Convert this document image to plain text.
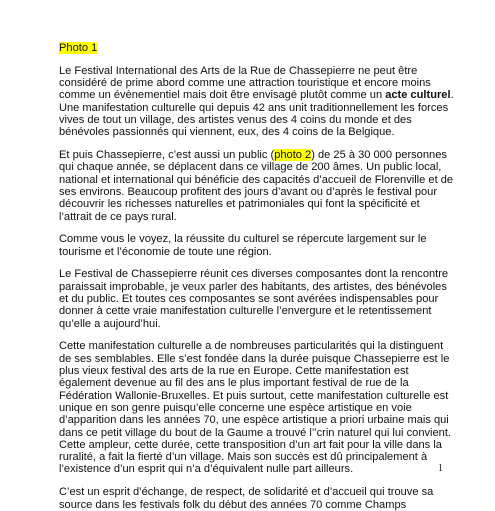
Photo 1

Le Festival International des Arts de la Rue de Chassepierre ne peut être considéré de prime abord comme une attraction touristique et encore moins comme un évènementiel mais doit être envisagé plutôt comme un acte culturel. Une manifestation culturelle qui depuis 42 ans unit traditionnellement les forces vives de tout un village, des artistes venus des 4 coins du monde et des bénévoles passionnés qui viennent, eux, des 4 coins de la Belgique.

Et puis Chassepierre, c’est aussi un public (photo 2) de 25 à 30 000 personnes qui chaque année, se déplacent dans ce village de 200 âmes. Un public local, national et international qui bénéficie des capacités d’accueil de Florenville et de ses environs. Beaucoup profitent des jours d’avant ou d’après le festival pour découvrir les richesses naturelles et patrimoniales qui font la spécificité et l’attrait de ce pays rural.

Comme vous le voyez, la réussite du culturel se répercute largement sur le tourisme et l’économie de toute une région.

Le Festival de Chassepierre réunit ces diverses composantes dont la rencontre paraissait improbable, je veux parler des habitants, des artistes, des bénévoles et du public. Et toutes ces composantes se sont avérées indispensables pour donner à cette vraie manifestation culturelle l’envergure et le retentissement qu’elle a aujourd’hui.

Cette manifestation culturelle a de nombreuses particularités qui la distinguent de ses semblables. Elle s’est fondée dans la durée puisque Chassepierre est le plus vieux festival des arts de la rue en Europe. Cette manifestation est également devenue au fil des ans le plus important festival de rue de la Fédération Wallonie-Bruxelles. Et puis surtout, cette manifestation culturelle est unique en son genre puisqu’elle concerne une espèce artistique en voie d’apparition dans les années 70, une espèce artistique a priori urbaine mais qui dans ce petit village du bout de la Gaume a trouvé l’’crin naturel qui lui convient. Cette ampleur, cette durée, cette transposition d’un art fait pour la ville dans la ruralité, a fait la fierté d’un village. Mais son succès est dû principalement à l’existence d’un esprit qui n’a d’équivalent nulle part ailleurs.

C’est un esprit d’échange, de respect, de solidarité et d’accueil qui trouve sa source dans les festivals folk du début des années 70 comme Champs

1
